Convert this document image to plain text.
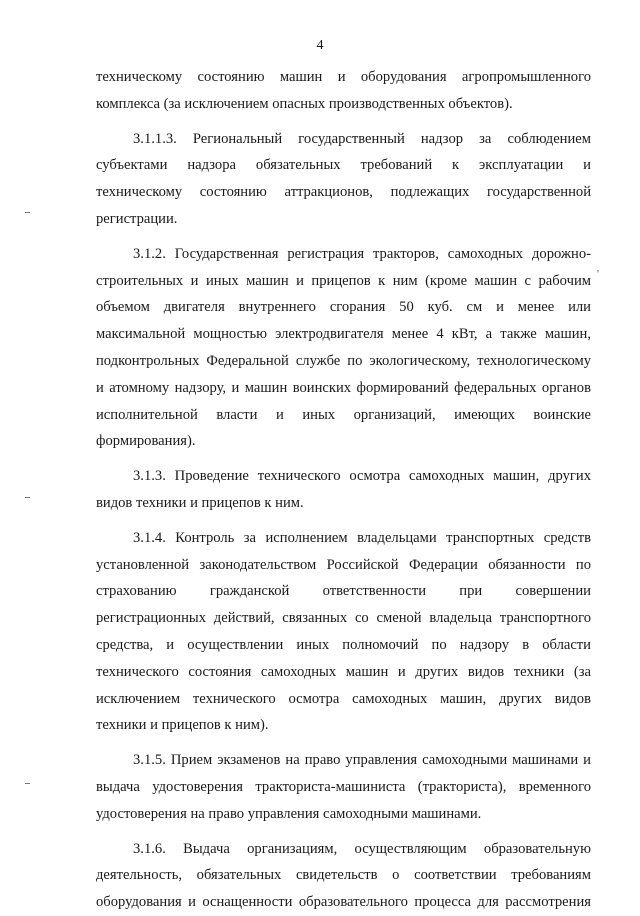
4
техническому состоянию машин и оборудования агропромышленного
комплекса (за исключением опасных производственных объектов).
3.1.1.3. Региональный государственный надзор за соблюдением
субъектами надзора обязательных требований к эксплуатации и
техническому состоянию аттракционов, подлежащих государственной
регистрации.
3.1.2. Государственная регистрация тракторов, самоходных дорожно-
строительных и иных машин и прицепов к ним (кроме машин с рабочим
объемом двигателя внутреннего сгорания 50 куб. см и менее или
максимальной мощностью электродвигателя менее 4 кВт, а также машин,
подконтрольных Федеральной службе по экологическому, технологическому
и атомному надзору, и машин воинских формирований федеральных органов
исполнительной власти и иных организаций, имеющих воинские
формирования).
3.1.3. Проведение технического осмотра самоходных машин, других
видов техники и прицепов к ним.
3.1.4. Контроль за исполнением владельцами транспортных средств
установленной законодательством Российской Федерации обязанности по
страхованию гражданской ответственности при совершении
регистрационных действий, связанных со сменой владельца транспортного
средства, и осуществлении иных полномочий по надзору в области
технического состояния самоходных машин и других видов техники (за
исключением технического осмотра самоходных машин, других видов
техники и прицепов к ним).
3.1.5. Прием экзаменов на право управления самоходными машинами и
выдача удостоверения тракториста-машиниста (тракториста), временного
удостоверения на право управления самоходными машинами.
3.1.6. Выдача организациям, осуществляющим образовательную
деятельность, обязательных свидетельств о соответствии требованиям
оборудования и оснащенности образовательного процесса для рассмотрения
'
